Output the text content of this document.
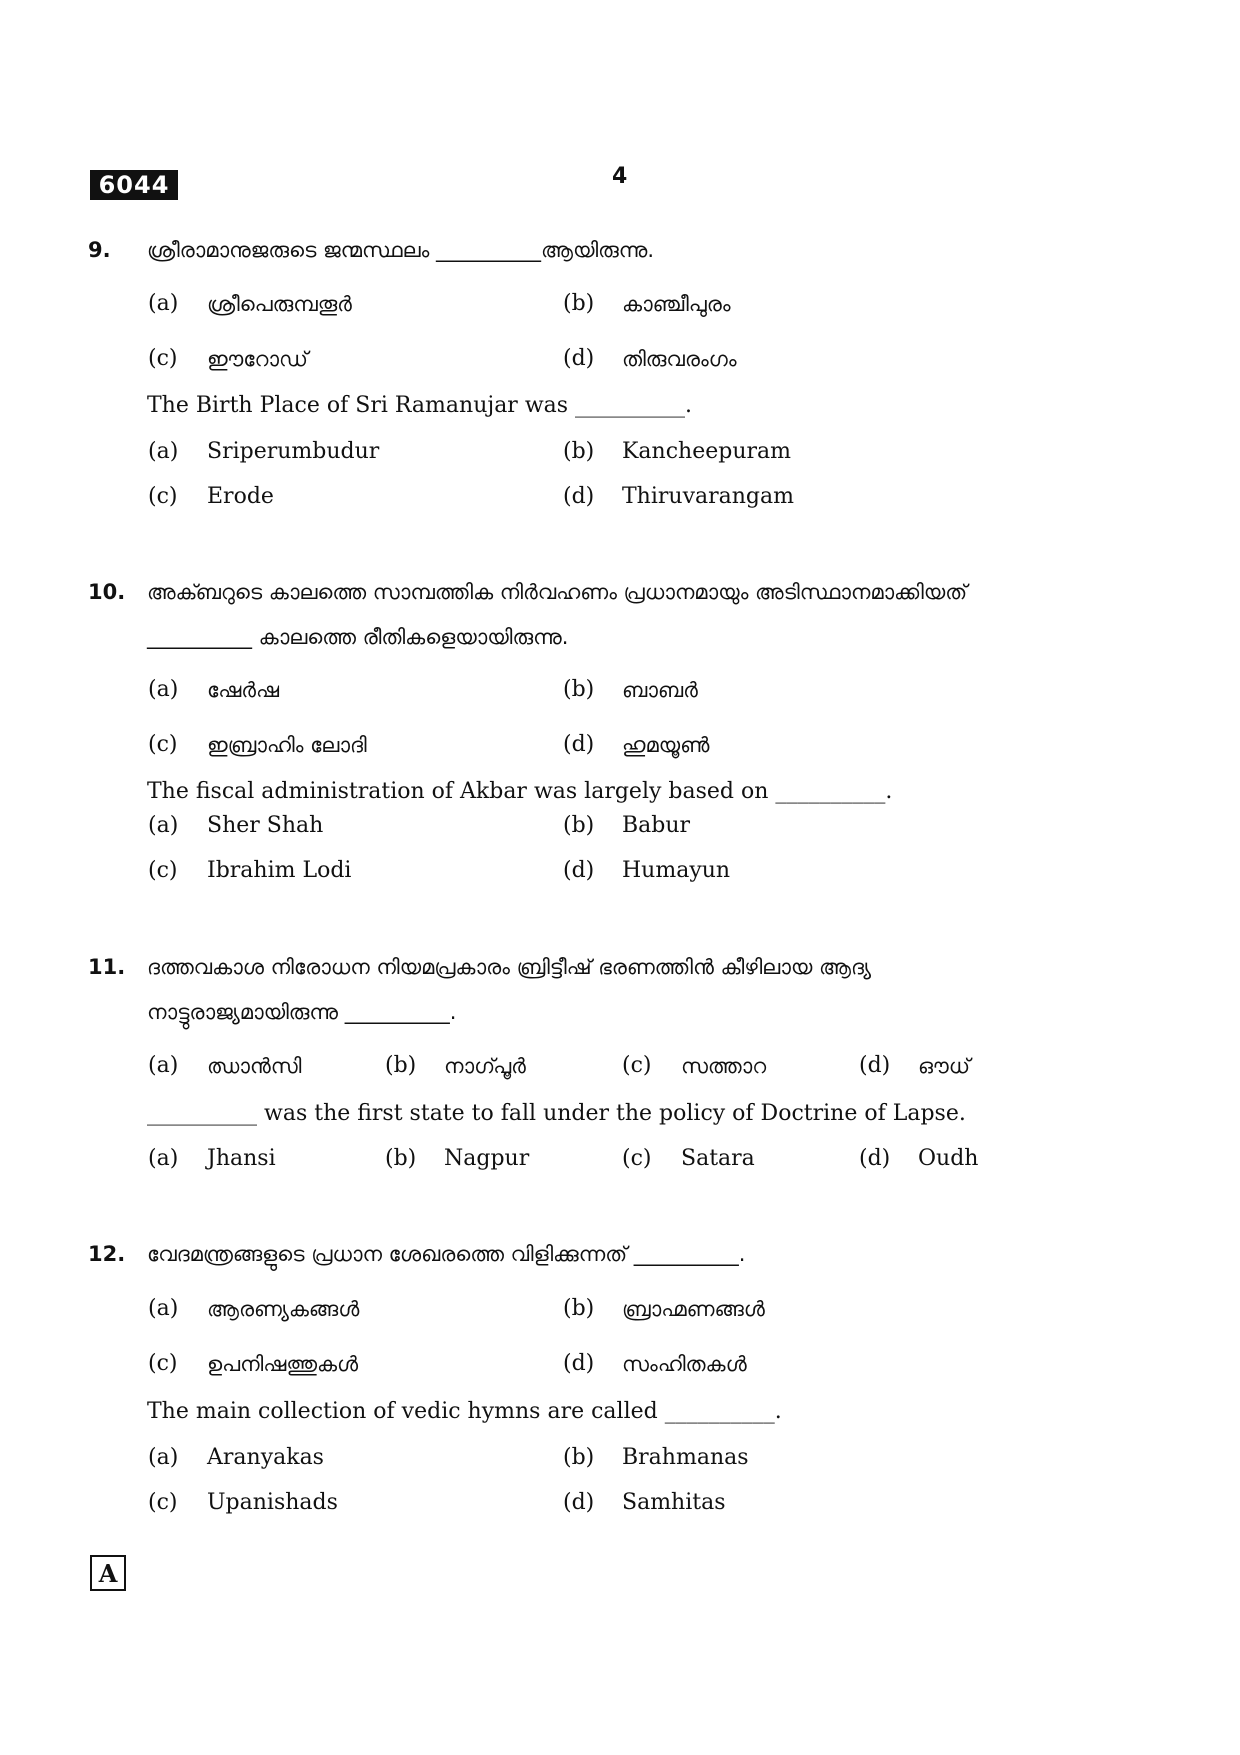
6044	4
9. ശ്രീരാമാനുജരുടെ ജന്മസ്ഥലം __________ആയിരുന്നു.
(a) ശ്രീപെരുമ്പതൂർ	(b) കാഞ്ചീപുരം
(c) ഈറോഡ്	(d) തിരുവരംഗം
The Birth Place of Sri Ramanujar was __________.
(a) Sriperumbudur	(b) Kancheepuram
(c) Erode	(d) Thiruvarangam
10. അക്ബറുടെ കാലത്തെ സാമ്പത്തിക നിർവഹണം പ്രധാനമായും അടിസ്ഥാനമാക്കിയത്
__________ കാലത്തെ രീതികളെയായിരുന്നു.
(a) ഷേർഷ	(b) ബാബർ
(c) ഇബ്രാഹിം ലോദി	(d) ഹുമയൂൺ
The fiscal administration of Akbar was largely based on __________.
(a) Sher Shah	(b) Babur
(c) Ibrahim Lodi	(d) Humayun
11. ദത്തവകാശ നിരോധന നിയമപ്രകാരം ബ്രിട്ടീഷ് ഭരണത്തിൻ കീഴിലായ ആദ്യ
നാട്ടുരാജ്യമായിരുന്നു __________.
(a) ഝാൻസി	(b) നാഗ്പൂർ	(c) സത്താറ	(d) ഔധ്
__________ was the first state to fall under the policy of Doctrine of Lapse.
(a) Jhansi	(b) Nagpur	(c) Satara	(d) Oudh
12. വേദമന്ത്രങ്ങളുടെ പ്രധാന ശേഖരത്തെ വിളിക്കുന്നത് __________.
(a) ആരണ്യകങ്ങൾ	(b) ബ്രാഹ്മണങ്ങൾ
(c) ഉപനിഷത്തുകൾ	(d) സംഹിതകൾ
The main collection of vedic hymns are called __________.
(a) Aranyakas	(b) Brahmanas
(c) Upanishads	(d) Samhitas
A
